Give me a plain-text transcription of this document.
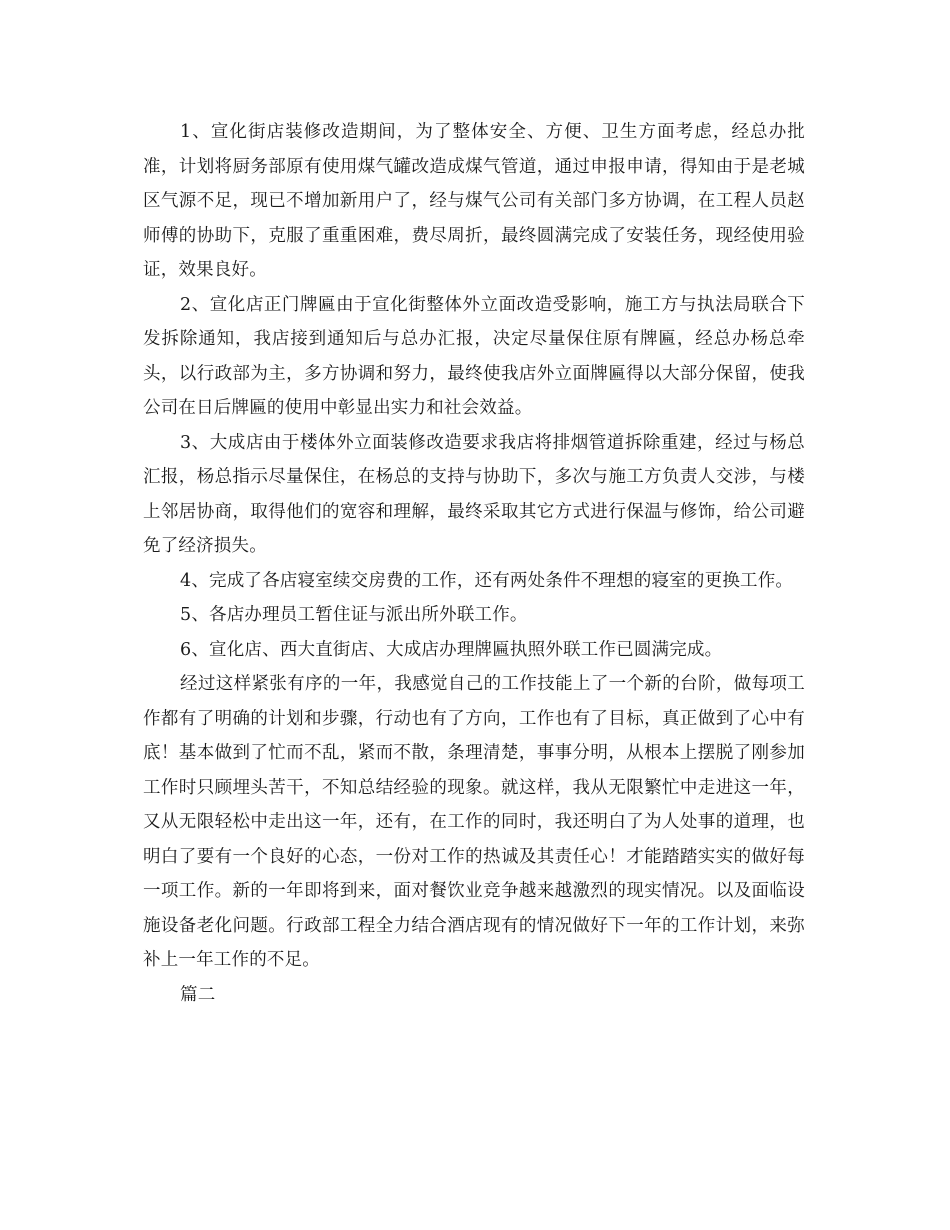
1、宣化街店装修改造期间，为了整体安全、方便、卫生方面考虑，经总办批准，计划将厨务部原有使用煤气罐改造成煤气管道，通过申报申请，得知由于是老城区气源不足，现已不增加新用户了，经与煤气公司有关部门多方协调，在工程人员赵师傅的协助下，克服了重重困难，费尽周折，最终圆满完成了安装任务，现经使用验证，效果良好。

2、宣化店正门牌匾由于宣化街整体外立面改造受影响，施工方与执法局联合下发拆除通知，我店接到通知后与总办汇报，决定尽量保住原有牌匾，经总办杨总牵头，以行政部为主，多方协调和努力，最终使我店外立面牌匾得以大部分保留，使我公司在日后牌匾的使用中彰显出实力和社会效益。

3、大成店由于楼体外立面装修改造要求我店将排烟管道拆除重建，经过与杨总汇报，杨总指示尽量保住，在杨总的支持与协助下，多次与施工方负责人交涉，与楼上邻居协商，取得他们的宽容和理解，最终采取其它方式进行保温与修饰，给公司避免了经济损失。

4、完成了各店寝室续交房费的工作，还有两处条件不理想的寝室的更换工作。

5、各店办理员工暂住证与派出所外联工作。

6、宣化店、西大直街店、大成店办理牌匾执照外联工作已圆满完成。

经过这样紧张有序的一年，我感觉自己的工作技能上了一个新的台阶，做每项工作都有了明确的计划和步骤，行动也有了方向，工作也有了目标，真正做到了心中有底！基本做到了忙而不乱，紧而不散，条理清楚，事事分明，从根本上摆脱了刚参加工作时只顾埋头苦干，不知总结经验的现象。就这样，我从无限繁忙中走进这一年，又从无限轻松中走出这一年，还有，在工作的同时，我还明白了为人处事的道理，也明白了要有一个良好的心态，一份对工作的热诚及其责任心！才能踏踏实实的做好每一项工作。新的一年即将到来，面对餐饮业竞争越来越激烈的现实情况。以及面临设施设备老化问题。行政部工程全力结合酒店现有的情况做好下一年的工作计划，来弥补上一年工作的不足。

篇二
